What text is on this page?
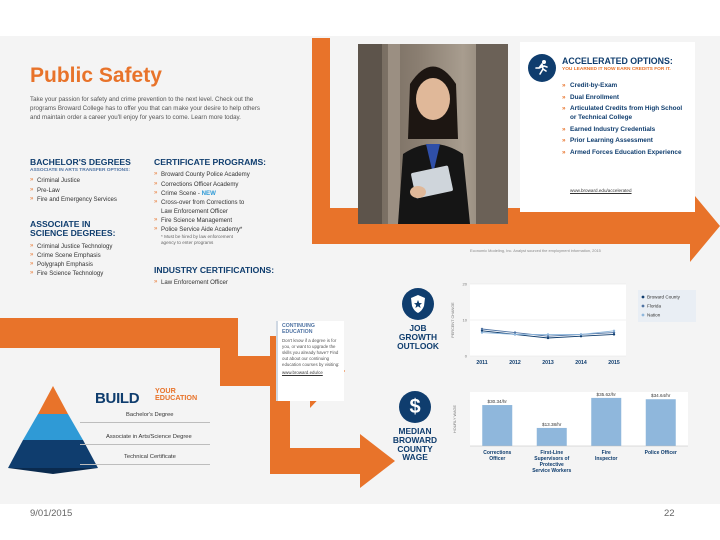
Public Safety

Take your passion for safety and crime prevention to the next level. Check out the programs Broward College has to offer you that can make your desire to help others and maintain order a career you'll enjoy for years to come. Learn more today.

BACHELOR'S DEGREES
ASSOCIATE IN ARTS TRANSFER OPTIONS:
» Criminal Justice
» Pre-Law
» Fire and Emergency Services
ASSOCIATE IN
SCIENCE DEGREES:
» Criminal Justice Technology
» Crime Scene Emphasis
» Polygraph Emphasis
» Fire Science Technology
CERTIFICATE PROGRAMS:
» Broward County Police Academy
» Corrections Officer Academy
» Crime Scene - NEW
» Cross-over from Corrections to
Law Enforcement Officer
» Fire Science Management
» Police Service Aide Academy*
* Must be hired by law enforcement
agency to enter programs
INDUSTRY CERTIFICATIONS:
» Law Enforcement Officer
ACCELERATED OPTIONS:
YOU LEARNED IT NOW EARN CREDITS FOR IT.
» Credit-by-Exam
» Dual Enrollment
» Articulated Credits from High School or Technical College
» Earned Industry Credentials
» Prior Learning Assessment
» Armed Forces Education Experience
www.broward.edu/accelerated
Economic Modeling, Inc. Analyst sourced the employment information, 2015
JOB
GROWTH
OUTLOOK
PERCENT CHANGE
20
10
0
2011	2012	2013	2014	2015
Broward County
Florida
Nation
CONTINUING
EDUCATION
Don't know if a degree is for you, or want to upgrade the skills you already have? Find out about our continuing education courses by visiting:
www.broward.edu/ce
$
MEDIAN
BROWARD
COUNTY
WAGE
HOURLY WAGE
$30.34/hr
Corrections
Officer
$13.38/hr
First-Line
Supervisors of
Protective
Service Workers
$35.62/hr
Fire
Inspector
$34.64/hr
Police Officer
BUILD YOUR
EDUCATION
Bachelor's Degree
Associate in Arts/Science Degree
Technical Certificate
9/01/2015	22
